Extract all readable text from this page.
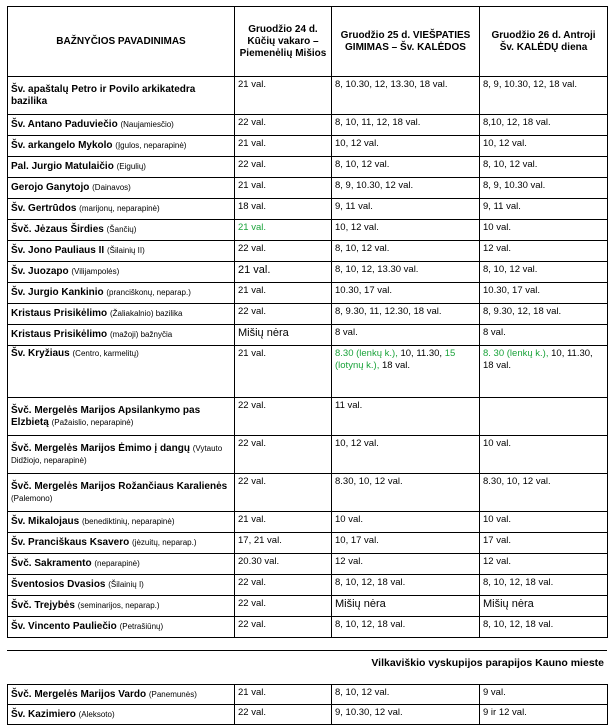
BAŽNYČIOS PAVADINIMAS	Gruodžio 24 d. Kūčių vakaro – Piemenėlių Mišios	Gruodžio 25 d. VIEŠPATIES GIMIMAS – Šv. KALĖDOS	Gruodžio 26 d. Antroji Šv. KALĖDŲ diena
Šv. apaštalų Petro ir Povilo arkikatedra bazilika	21 val.	8, 10.30, 12, 13.30, 18 val.	8, 9, 10.30, 12, 18 val.
Šv. Antano Paduviečio (Naujamiesčio)	22 val.	8, 10, 11, 12, 18 val.	8,10, 12, 18 val.
Šv. arkangelo Mykolo (Įgulos, neparapinė)	21 val.	10, 12 val.	10, 12 val.
Pal. Jurgio Matulaičio (Eigulių)	22 val.	8, 10, 12 val.	8, 10, 12 val.
Gerojo Ganytojo (Dainavos)	21 val.	8, 9, 10.30, 12 val.	8, 9, 10.30 val.
Šv. Gertrūdos (marijonų, neparapinė)	18 val.	9, 11 val.	9, 11 val.
Švč. Jėzaus Širdies (Šančių)	21 val.	10, 12 val.	10 val.
Šv. Jono Pauliaus II (Šilainių II)	22 val.	8, 10, 12 val.	12 val.
Šv. Juozapo (Vilijampolės)	21 val.	8, 10, 12, 13.30 val.	8, 10, 12 val.
Šv. Jurgio Kankinio (pranciškonų, neparap.)	21 val.	10.30, 17 val.	10.30, 17 val.
Kristaus Prisikėlimo (Žaliakalnio) bazilika	22 val.	8, 9.30, 11, 12.30, 18 val.	8, 9.30, 12, 18 val.
Kristaus Prisikėlimo (mažoji) bažnyčia	Mišių nėra	8 val.	8 val.
Šv. Kryžiaus (Centro, karmelitų)	21 val.	8.30 (lenkų k.), 10, 11.30, 15 (lotynų k.), 18 val.	8. 30 (lenkų k.), 10, 11.30, 18 val.
Švč. Mergelės Marijos Apsilankymo pas Elzbietą (Pažaislio, neparapinė)	22 val.	11 val.	
Švč. Mergelės Marijos Ėmimo į dangų (Vytauto Didžiojo, neparapinė)	22 val.	10, 12 val.	10 val.
Švč. Mergelės Marijos Rožančiaus Karalienės (Palemono)	22 val.	8.30, 10, 12 val.	8.30, 10, 12 val.
Šv. Mikalojaus (benediktinių, neparapinė)	21 val.	10 val.	10 val.
Šv. Pranciškaus Ksavero (jėzuitų, neparap.)	17, 21 val.	10, 17 val.	17 val.
Švč. Sakramento (neparapinė)	20.30 val.	12 val.	12 val.
Šventosios Dvasios (Šilainių I)	22 val.	8, 10, 12, 18 val.	8, 10, 12, 18 val.
Švč. Trejybės (seminarijos, neparap.)	22 val.	Mišių nėra	Mišių nėra
Šv. Vincento Pauliečio (Petrašiūnų)	22 val.	8, 10, 12, 18 val.	8, 10, 12, 18 val.
Vilkaviškio vyskupijos parapijos Kauno mieste
Švč. Mergelės Marijos Vardo (Panemunės)	21 val.	8, 10, 12 val.	9 val.
Šv. Kazimiero (Aleksoto)	22 val.	9, 10.30, 12 val.	9 ir 12 val.
